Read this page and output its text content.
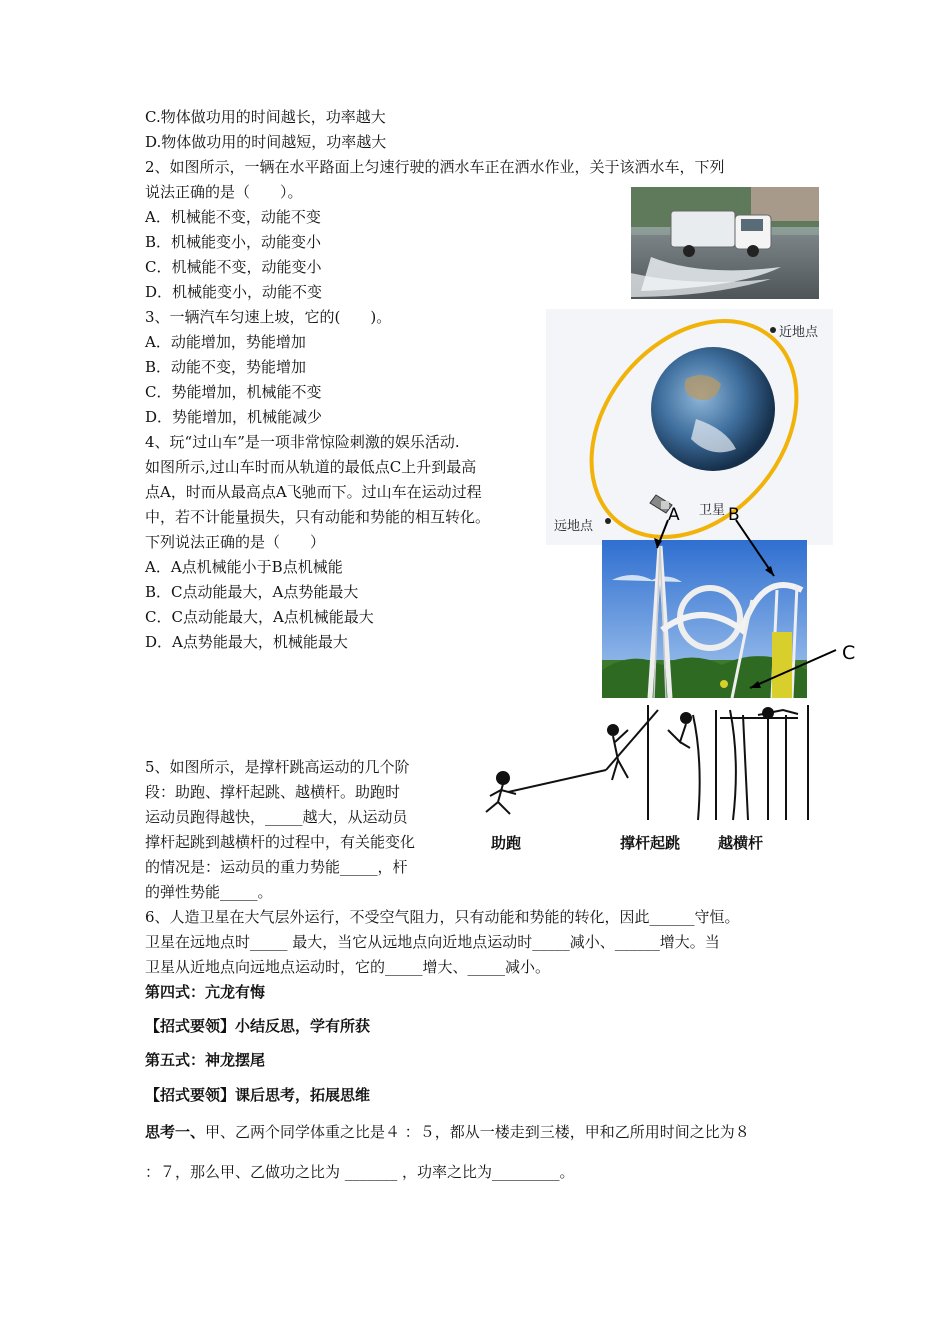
C.物体做功用的时间越长，功率越大
D.物体做功用的时间越短，功率越大
2、如图所示，一辆在水平路面上匀速行驶的洒水车正在洒水作业，关于该洒水车，下列
说法正确的是（　　）。
A．机械能不变，动能不变
B．机械能变小，动能变小
C．机械能不变，动能变小
D．机械能变小，动能不变
3、一辆汽车匀速上坡，它的(　　)。
A．动能增加，势能增加
B．动能不变，势能增加
C．势能增加，机械能不变
D．势能增加，机械能减少
近地点
远地点
卫星
4、玩“过山车”是一项非常惊险刺激的娱乐活动.
如图所示,过山车时而从轨道的最低点C上升到最高
点A，时而从最高点A飞驰而下。过山车在运动过程
中，若不计能量损失，只有动能和势能的相互转化。
下列说法正确的是（　　）
A．A点机械能小于B点机械能
B．C点动能最大，A点势能最大
C．C点动能最大，A点机械能最大
D．A点势能最大，机械能最大
A	B
C
5、如图所示，是撑杆跳高运动的几个阶
段：助跑、撑杆起跳、越横杆。助跑时
运动员跑得越快，_____越大，从运动员
撑杆起跳到越横杆的过程中，有关能变化
的情况是：运动员的重力势能_____，杆
的弹性势能_____。
助跑	撑杆起跳	越横杆
6、人造卫星在大气层外运行，不受空气阻力，只有动能和势能的转化，因此______守恒。
卫星在远地点时_____ 最大，当它从远地点向近地点运动时_____减小、______增大。当
卫星从近地点向远地点运动时，它的_____增大、_____减小。
第四式：亢龙有悔
【招式要领】小结反思，学有所获
第五式：神龙摆尾
【招式要领】课后思考，拓展思维
思考一、甲、乙两个同学体重之比是４ ：５，都从一楼走到三楼，甲和乙所用时间之比为８
：７，那么甲、乙做功之比为 _______ ，功率之比为_________。
